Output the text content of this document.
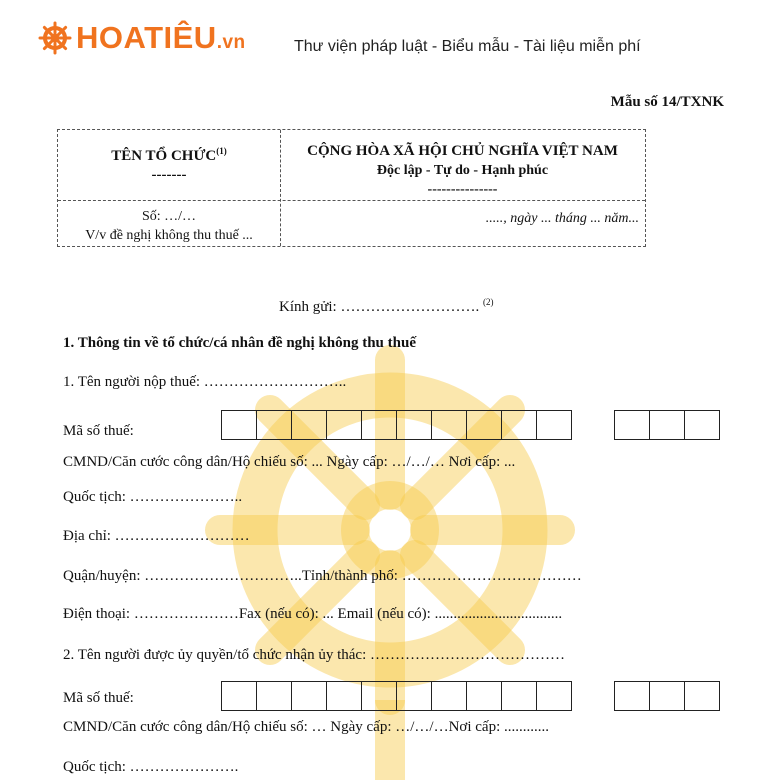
HOATIÊU.vn	Thư viện pháp luật - Biểu mẫu - Tài liệu miễn phí
Mẫu số 14/TXNK
TÊN TỔ CHỨC$^{(1)}$
-------
CỘNG HÒA XÃ HỘI CHỦ NGHĨA VIỆT NAM
Độc lập - Tự do - Hạnh phúc
---------------
Số: …/…
V/v đề nghị không thu thuế ...
....., ngày ... tháng ... năm...
Kính gửi: ………………………. $^{(2)}$
1. Thông tin về tổ chức/cá nhân đề nghị không thu thuế
1. Tên người nộp thuế: ………………………..
Mã số thuế:
CMND/Căn cước công dân/Hộ chiếu số: ... Ngày cấp: …/…/… Nơi cấp: ...
Quốc tịch: …………………..
Địa chỉ: ………………………
Quận/huyện: …………………………..Tỉnh/thành phố: ………………………………
Điện thoại: …………………Fax (nếu có): ... Email (nếu có): ..................................
2. Tên người được ủy quyền/tổ chức nhận ủy thác: …………………………………
Mã số thuế:
CMND/Căn cước công dân/Hộ chiếu số: … Ngày cấp: …/…/…Nơi cấp: ............
Quốc tịch: ………………….
